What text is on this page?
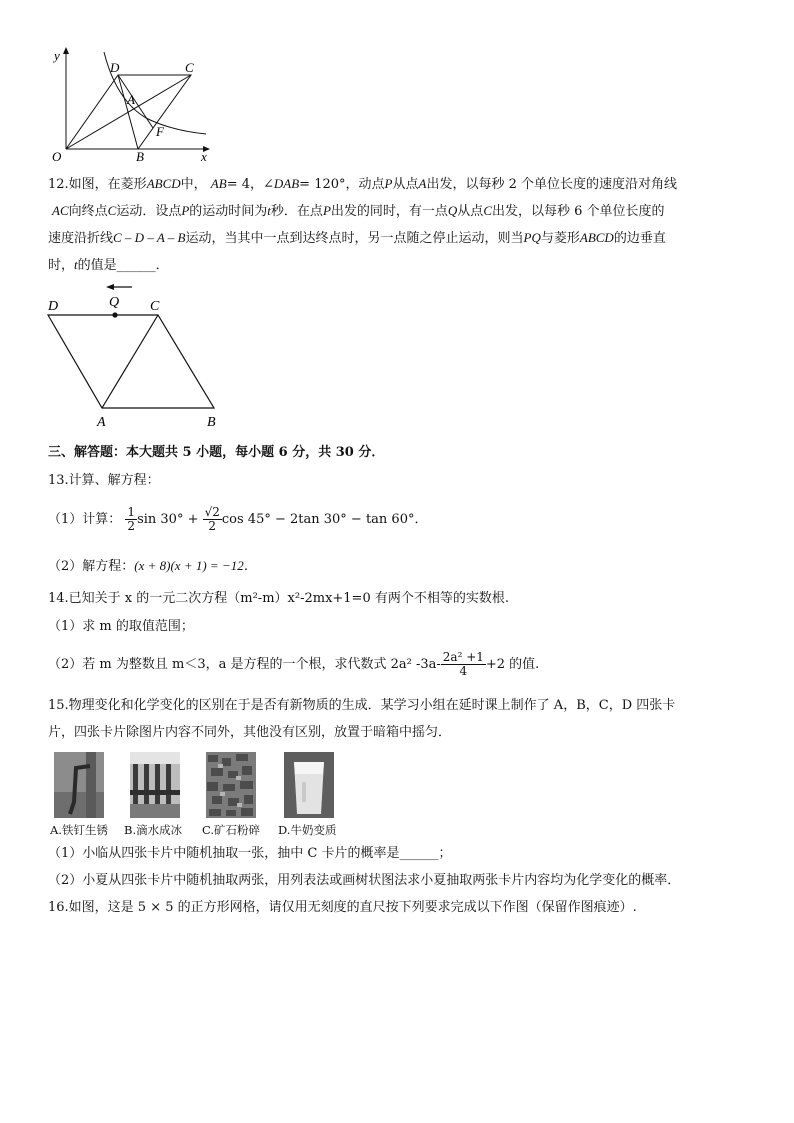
y
x
O
D	C
A
F
B
12.如图，在菱形ABCD中， AB= 4，∠DAB= 120°，动点P从点A出发，以每秒 2 个单位长度的速度沿对角线
AC向终点C运动．设点P的运动时间为t秒．在点P出发的同时，有一点Q从点C出发，以每秒 6 个单位长度的
速度沿折线C – D – A – B运动，当其中一点到达终点时，另一点随之停止运动，则当PQ与菱形ABCD的边垂直
时，t的值是______．
D	Q C
A	B
三、解答题：本大题共 5 小题，每小题 6 分，共 30 分．
13.计算、解方程：
（1）计算： $\frac{1}{2}$ $\sin 30^\circ + \frac{√2}{2}$ cos 45° − 2tan 30° − tan 60°．
（2）解方程：(x + 8)(x + 1) = −12．
14.已知关于 x 的一元二次方程（m²-m）x²-2mx+1=0 有两个不相等的实数根.
（1）求 m 的取值范围；
（2）若 m 为整数且 m＜3，a 是方程的一个根，求代数式 2a² $-3a- \frac{\text{2a² +1}}{4} +2$ 的值.
15.物理变化和化学变化的区别在于是否有新物质的生成．某学习小组在延时课上制作了 A，B，C，D 四张卡
片，四张卡片除图片内容不同外，其他没有区别，放置于暗箱中摇匀．
A.铁钉生锈 B.滴水成冰 C.矿石粉碎 D.牛奶变质
（1）小临从四张卡片中随机抽取一张，抽中 C 卡片的概率是______；
（2）小夏从四张卡片中随机抽取两张，用列表法或画树状图法求小夏抽取两张卡片内容均为化学变化的概率．
16.如图，这是 5 × 5 的正方形网格，请仅用无刻度的直尺按下列要求完成以下作图（保留作图痕迹）.
